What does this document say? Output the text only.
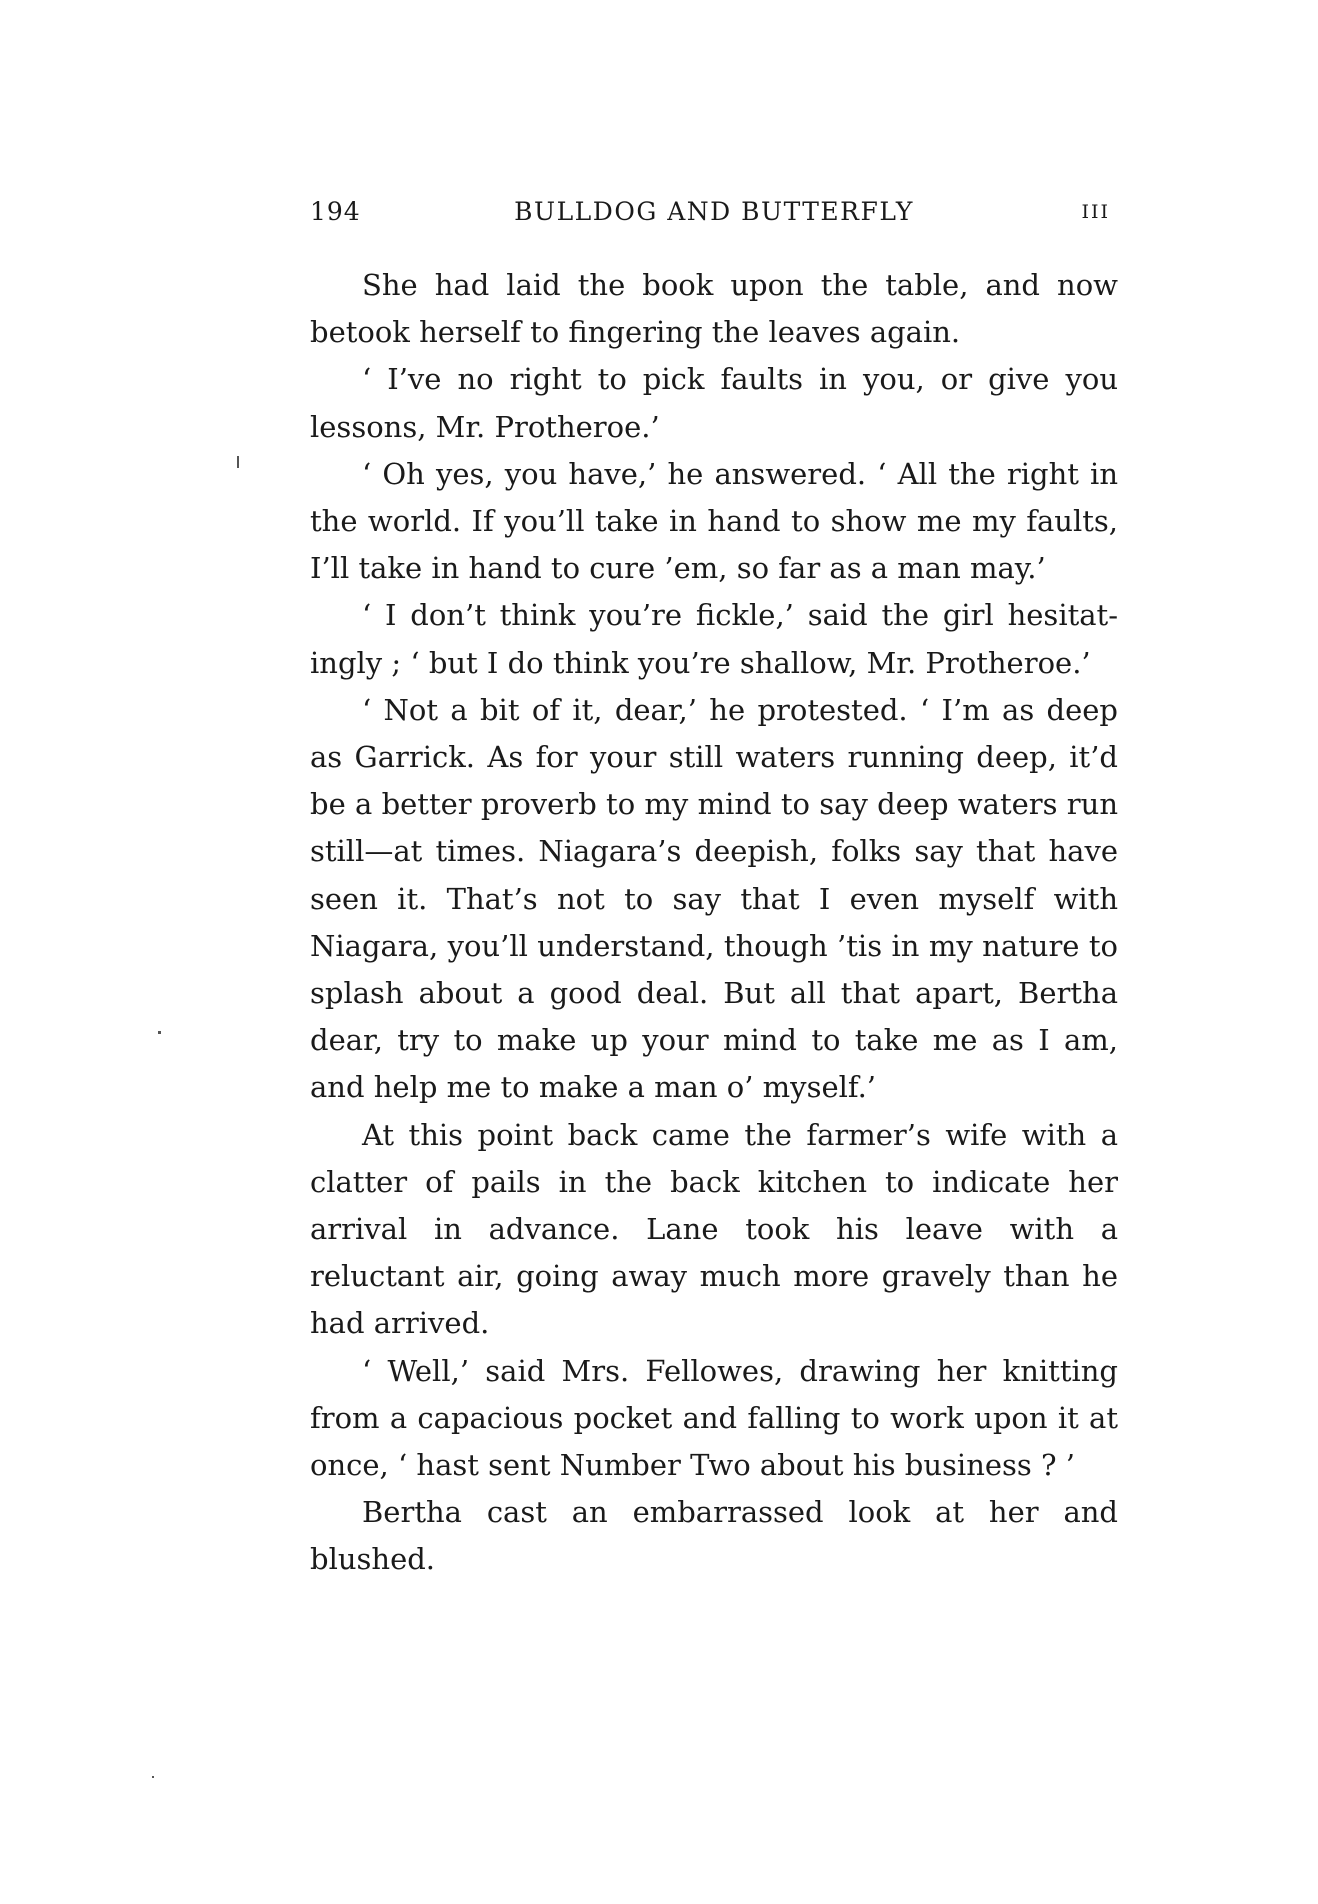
194	BULLDOG AND BUTTERFLY	III

She had laid the book upon the table, and now betook herself to fingering the leaves again.

‘ I’ve no right to pick faults in you, or give you lessons, Mr. Protheroe.’

‘ Oh yes, you have,’ he answered. ‘ All the right in the world. If you’ll take in hand to show me my faults, I’ll take in hand to cure ’em, so far as a man may.’

‘ I don’t think you’re fickle,’ said the girl hesitatingly ; ‘ but I do think you’re shallow, Mr. Protheroe.’

‘ Not a bit of it, dear,’ he protested. ‘ I’m as deep as Garrick. As for your still waters running deep, it’d be a better proverb to my mind to say deep waters run still—at times. Niagara’s deepish, folks say that have seen it. That’s not to say that I even myself with Niagara, you’ll understand, though ’tis in my nature to splash about a good deal. But all that apart, Bertha dear, try to make up your mind to take me as I am, and help me to make a man o’ myself.’

At this point back came the farmer’s wife with a clatter of pails in the back kitchen to indicate her arrival in advance. Lane took his leave with a reluctant air, going away much more gravely than he had arrived.

‘ Well,’ said Mrs. Fellowes, drawing her knitting from a capacious pocket and falling to work upon it at once, ‘ hast sent Number Two about his business ? ’

Bertha cast an embarrassed look at her and blushed.
